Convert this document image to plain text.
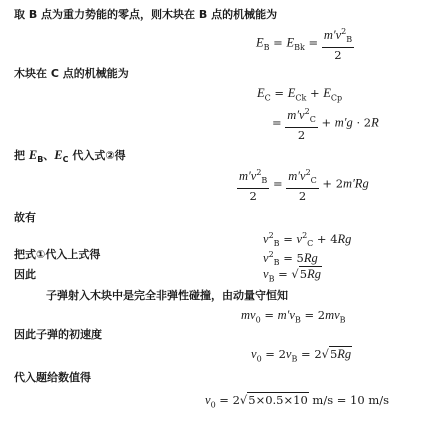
取 B 点为重力势能的零点，则木块在 B 点的机械能为
$E_B = E_{Bk} = \frac{m'v^2_B}{2}$
木块在 C 点的机械能为
$E_C = E_{Ck} + E_{Cp}$
= $\frac{m'v^2_C}{2} + m'g \cdot 2R$
把 $E_B$、$E_C$ 代入式②得
$\frac{m'v^2_B}{2} = \frac{m'v^2_C}{2} + 2m'Rg$
故有
$v^2_B = v^2_C + 4Rg$
把式①代入上式得	$v^2_B = 5Rg$
因此	$v_B = √5Rg$
子弹射入木块中是完全非弹性碰撞，由动量守恒知
$mv_0 = m'v_B = 2mv_B$
因此子弹的初速度
$v_0 = 2v_B = 2√5Rg$
代入题给数值得
$v_0 = 2√5\times 0.5\times 10$ m/s = 10 m/s
